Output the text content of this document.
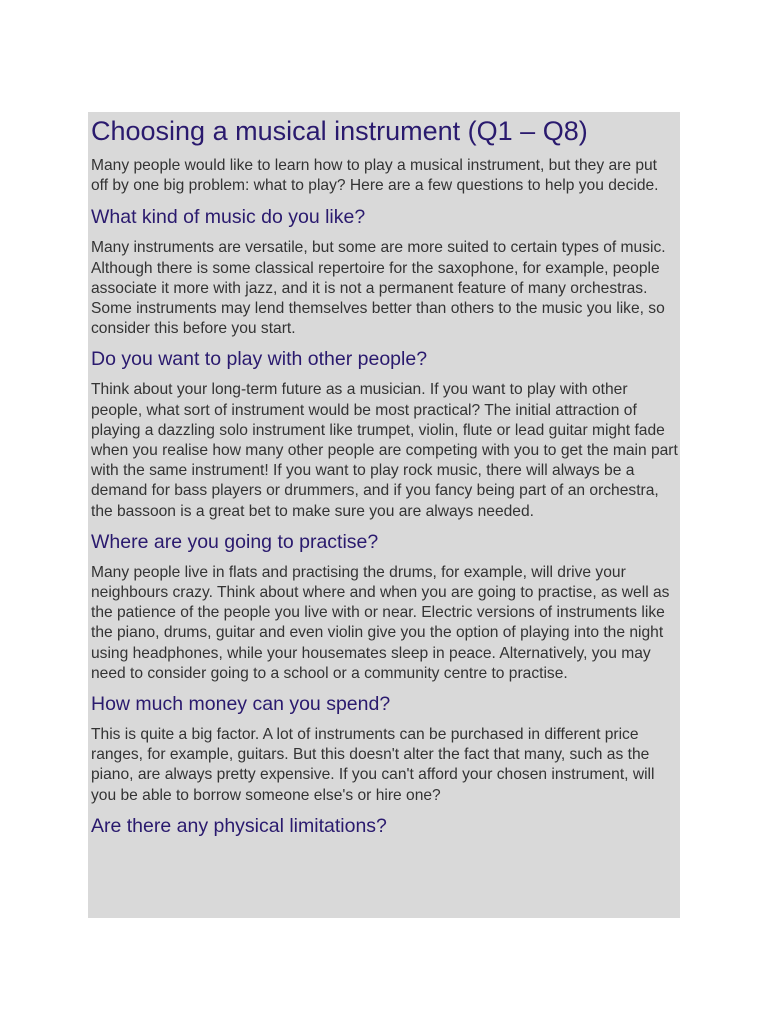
Choosing a musical instrument (Q1 – Q8)

Many people would like to learn how to play a musical instrument, but they are put off by one big problem: what to play? Here are a few questions to help you decide.

What kind of music do you like?

Many instruments are versatile, but some are more suited to certain types of music. Although there is some classical repertoire for the saxophone, for example, people associate it more with jazz, and it is not a permanent feature of many orchestras. Some instruments may lend themselves better than others to the music you like, so consider this before you start.

Do you want to play with other people?

Think about your long-term future as a musician. If you want to play with other people, what sort of instrument would be most practical? The initial attraction of playing a dazzling solo instrument like trumpet, violin, flute or lead guitar might fade when you realise how many other people are competing with you to get the main part with the same instrument! If you want to play rock music, there will always be a demand for bass players or drummers, and if you fancy being part of an orchestra, the bassoon is a great bet to make sure you are always needed.

Where are you going to practise?

Many people live in flats and practising the drums, for example, will drive your neighbours crazy. Think about where and when you are going to practise, as well as the patience of the people you live with or near. Electric versions of instruments like the piano, drums, guitar and even violin give you the option of playing into the night using headphones, while your housemates sleep in peace. Alternatively, you may need to consider going to a school or a community centre to practise.

How much money can you spend?

This is quite a big factor. A lot of instruments can be purchased in different price ranges, for example, guitars. But this doesn't alter the fact that many, such as the piano, are always pretty expensive. If you can't afford your chosen instrument, will you be able to borrow someone else's or hire one?

Are there any physical limitations?
